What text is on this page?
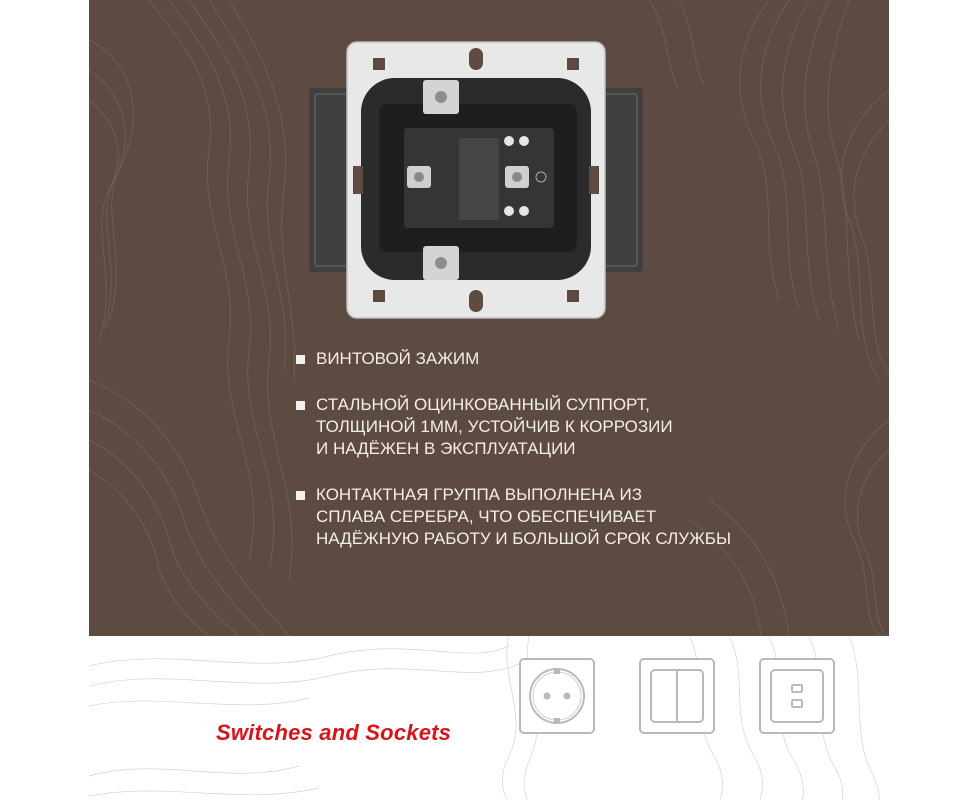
ВИНТОВОЙ ЗАЖИМ
СТАЛЬНОЙ ОЦИНКОВАННЫЙ СУППОРТ,
ТОЛЩИНОЙ 1ММ, УСТОЙЧИВ К КОРРОЗИИ
И НАДЁЖЕН В ЭКСПЛУАТАЦИИ
КОНТАКТНАЯ ГРУППА ВЫПОЛНЕНА ИЗ
СПЛАВА СЕРЕБРА, ЧТО ОБЕСПЕЧИВАЕТ
НАДЁЖНУЮ РАБОТУ И БОЛЬШОЙ СРОК СЛУЖБЫ
Switches and Sockets
